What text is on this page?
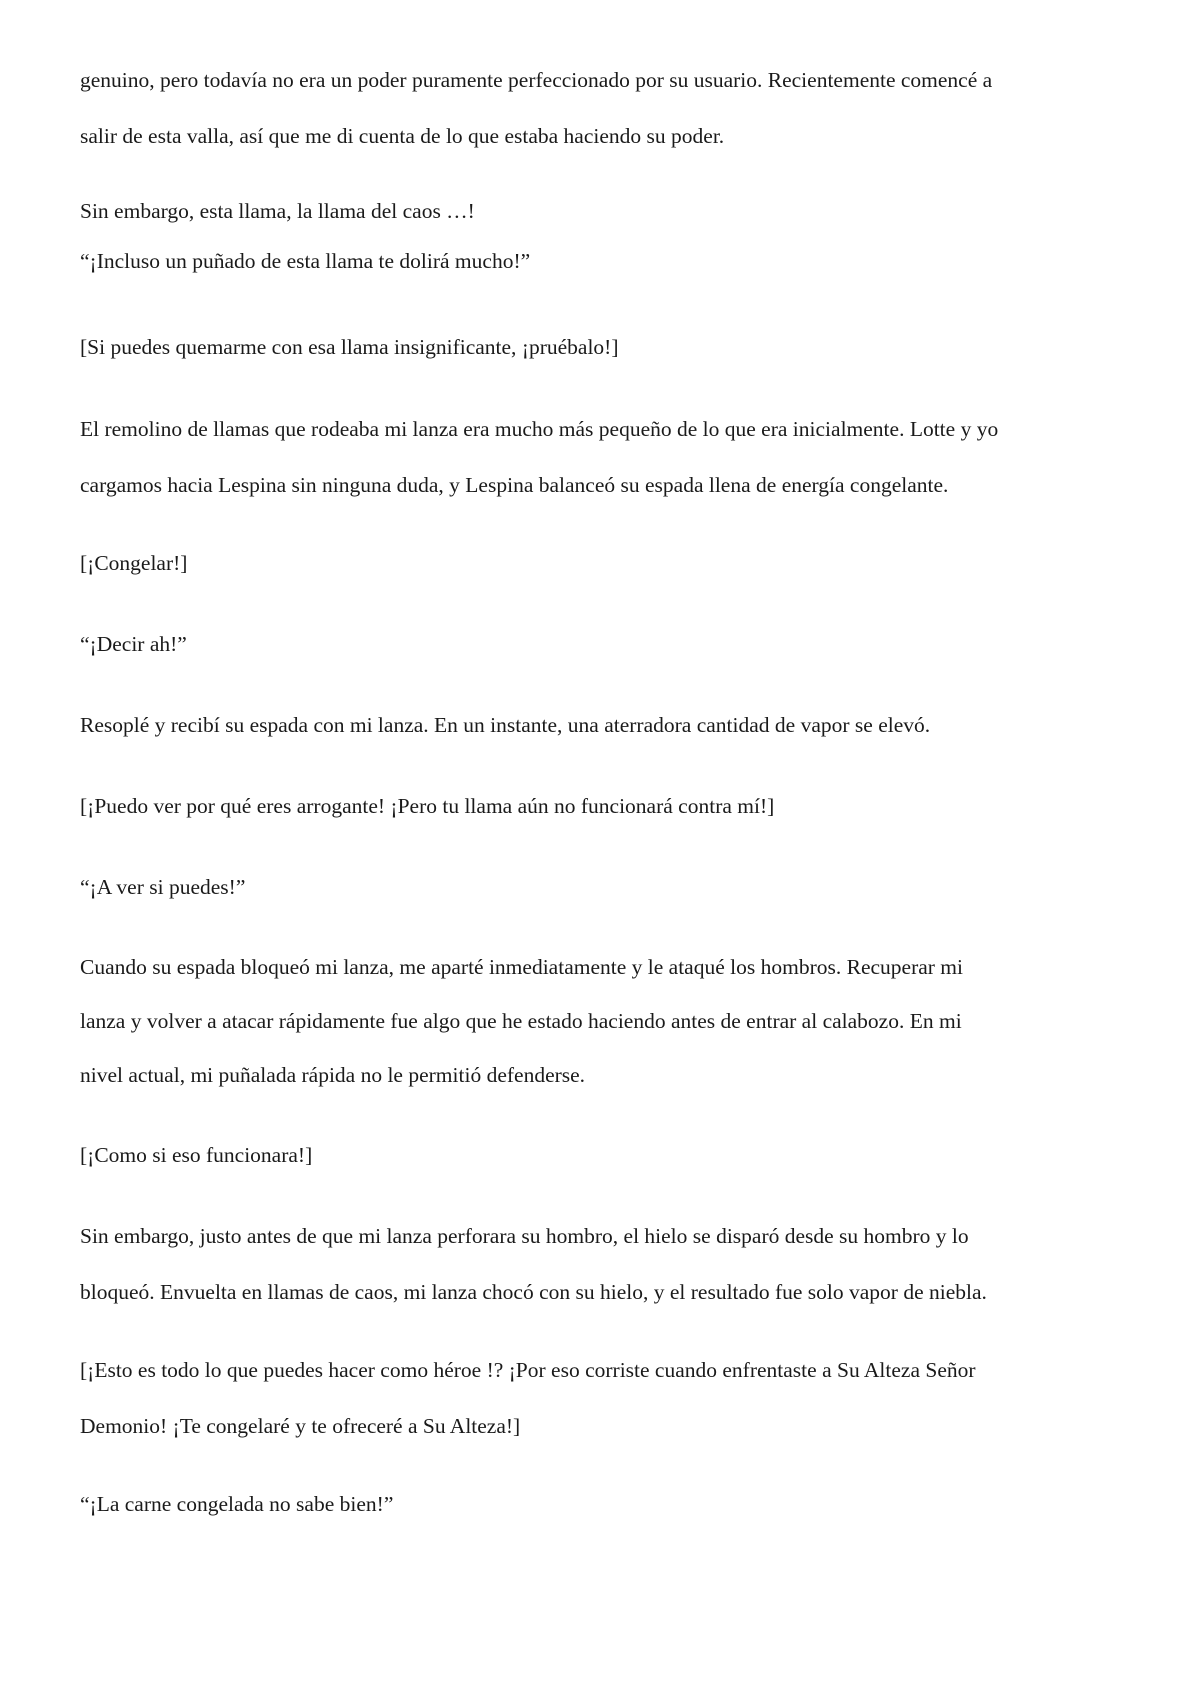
genuino, pero todavía no era un poder puramente perfeccionado por su usuario. Recientemente comencé a
salir de esta valla, así que me di cuenta de lo que estaba haciendo su poder.

Sin embargo, esta llama, la llama del caos …!
“¡Incluso un puñado de esta llama te dolirá mucho!”

[Si puedes quemarme con esa llama insignificante, ¡pruébalo!]

El remolino de llamas que rodeaba mi lanza era mucho más pequeño de lo que era inicialmente. Lotte y yo
cargamos hacia Lespina sin ninguna duda, y Lespina balanceó su espada llena de energía congelante.

[¡Congelar!]

“¡Decir ah!”

Resoplé y recibí su espada con mi lanza. En un instante, una aterradora cantidad de vapor se elevó.

[¡Puedo ver por qué eres arrogante! ¡Pero tu llama aún no funcionará contra mí!]

“¡A ver si puedes!”

Cuando su espada bloqueó mi lanza, me aparté inmediatamente y le ataqué los hombros. Recuperar mi
lanza y volver a atacar rápidamente fue algo que he estado haciendo antes de entrar al calabozo. En mi
nivel actual, mi puñalada rápida no le permitió defenderse.

[¡Como si eso funcionara!]

Sin embargo, justo antes de que mi lanza perforara su hombro, el hielo se disparó desde su hombro y lo
bloqueó. Envuelta en llamas de caos, mi lanza chocó con su hielo, y el resultado fue solo vapor de niebla.

[¡Esto es todo lo que puedes hacer como héroe !? ¡Por eso corriste cuando enfrentaste a Su Alteza Señor
Demonio! ¡Te congelaré y te ofreceré a Su Alteza!]

“¡La carne congelada no sabe bien!”
